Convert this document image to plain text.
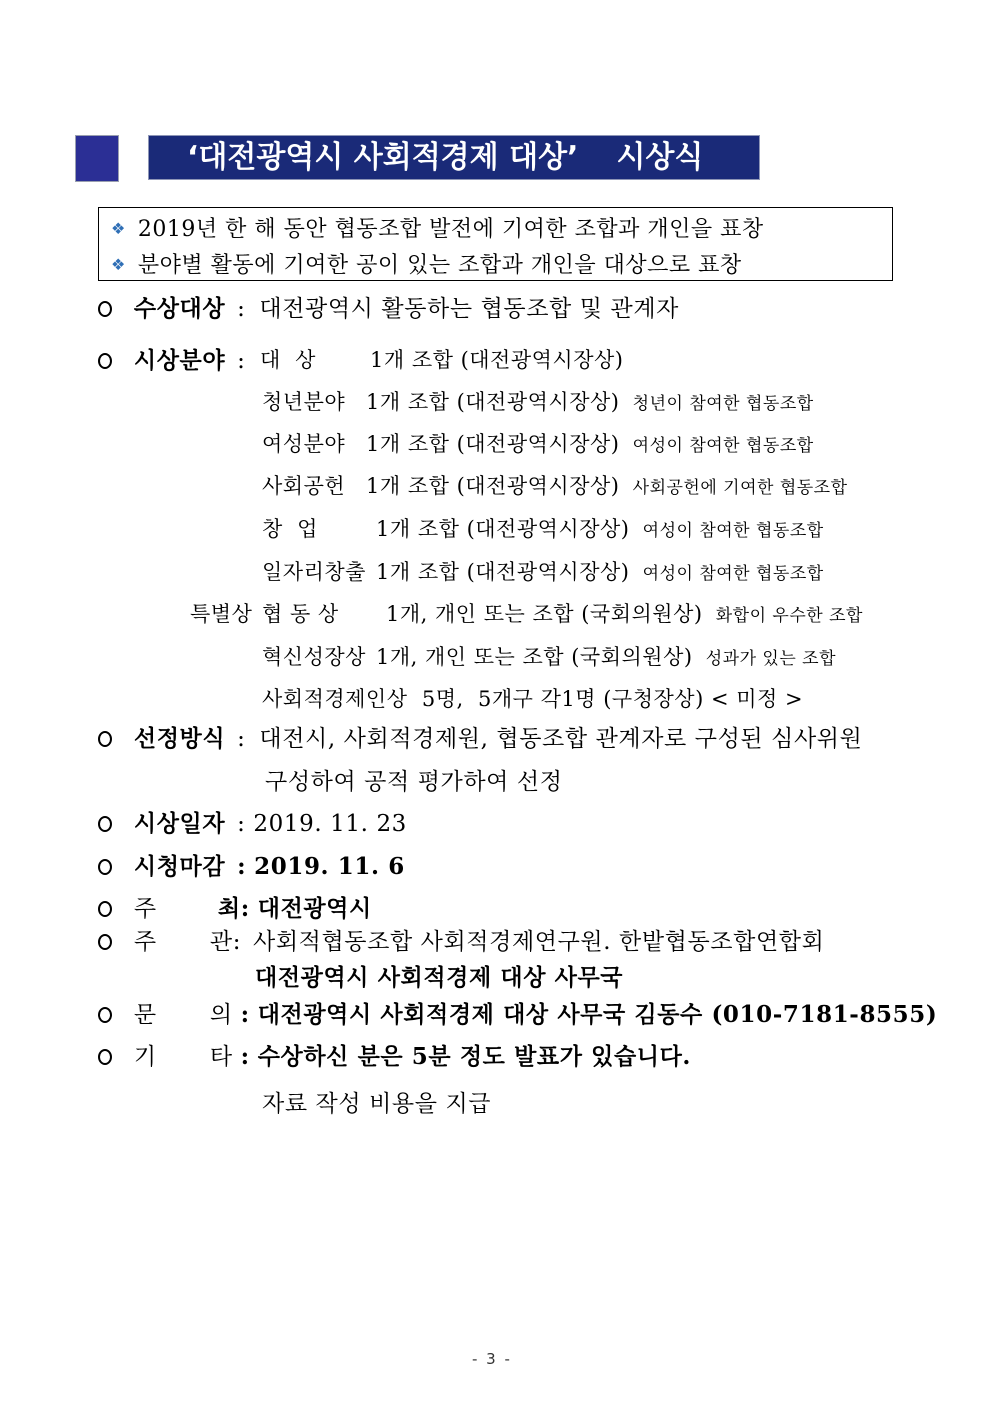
‘대전광역시 사회적경제 대상’ 시상식
❖ 2019년 한 해 동안 협동조합 발전에 기여한 조합과 개인을 표창
❖ 분야별 활동에 기여한 공이 있는 조합과 개인을 대상으로 표창
수상대상 : 대전광역시 활동하는 협동조합 및 관계자
시상분야 : 대  상	1개 조합 (대전광역시장상)
청년분야 1개 조합 (대전광역시장상) 청년이 참여한 협동조합
여성분야 1개 조합 (대전광역시장상) 여성이 참여한 협동조합
사회공헌 1개 조합 (대전광역시장상) 사회공헌에 기여한 협동조합
창  업	1개 조합 (대전광역시장상) 여성이 참여한 협동조합
일자리창출 1개 조합 (대전광역시장상) 여성이 참여한 협동조합
특별상 협 동 상 1개, 개인 또는 조합 (국회의원상) 화합이 우수한 조합
혁신성장상 1개, 개인 또는 조합 (국회의원상) 성과가 있는 조합
사회적경제인상  5명,  5개구 각1명 (구청장상) < 미정 >
선정방식 : 대전시, 사회적경제원, 협동조합 관계자로 구성된 심사위원
구성하여 공적 평가하여 선정
시상일자 : 2019. 11. 23
시청마감 : 2019. 11. 6
주	최: 대전광역시
주 관: 사회적협동조합 사회적경제연구원. 한밭협동조합연합회
대전광역시 사회적경제 대상 사무국
문 의 : 대전광역시 사회적경제 대상 사무국 김동수 (010-7181-8555)
기 타 : 수상하신 분은 5분 정도 발표가 있습니다.
자료 작성 비용을 지급
- 3 -
